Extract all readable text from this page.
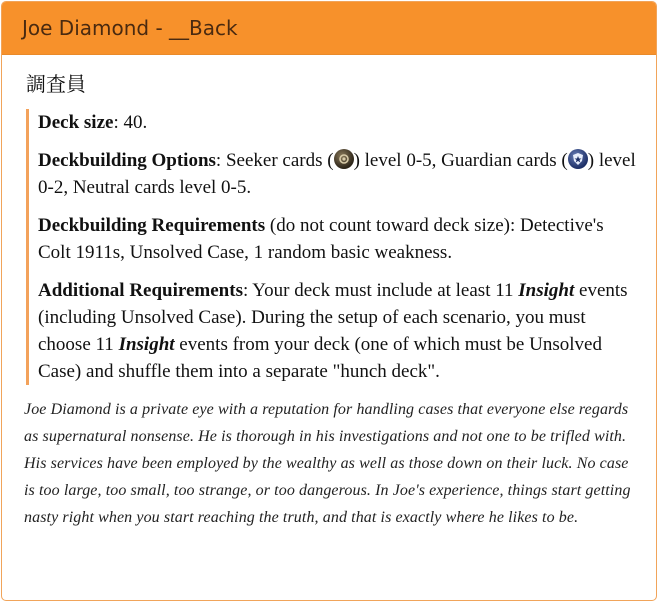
Joe Diamond - __Back
調査員

Deck size: 40.

Deckbuilding Options: Seeker cards ( ) level 0-5, Guardian cards ( ) level 0-2, Neutral cards level 0-5.

Deckbuilding Requirements (do not count toward deck size): Detective's Colt 1911s, Unsolved Case, 1 random basic weakness.

Additional Requirements: Your deck must include at least 11 Insight events (including Unsolved Case). During the setup of each scenario, you must choose 11 Insight events from your deck (one of which must be Unsolved Case) and shuffle them into a separate "hunch deck".

Joe Diamond is a private eye with a reputation for handling cases that everyone else regards as supernatural nonsense. He is thorough in his investigations and not one to be trifled with. His services have been employed by the wealthy as well as those down on their luck. No case is too large, too small, too strange, or too dangerous. In Joe's experience, things start getting nasty right when you start reaching the truth, and that is exactly where he likes to be.
